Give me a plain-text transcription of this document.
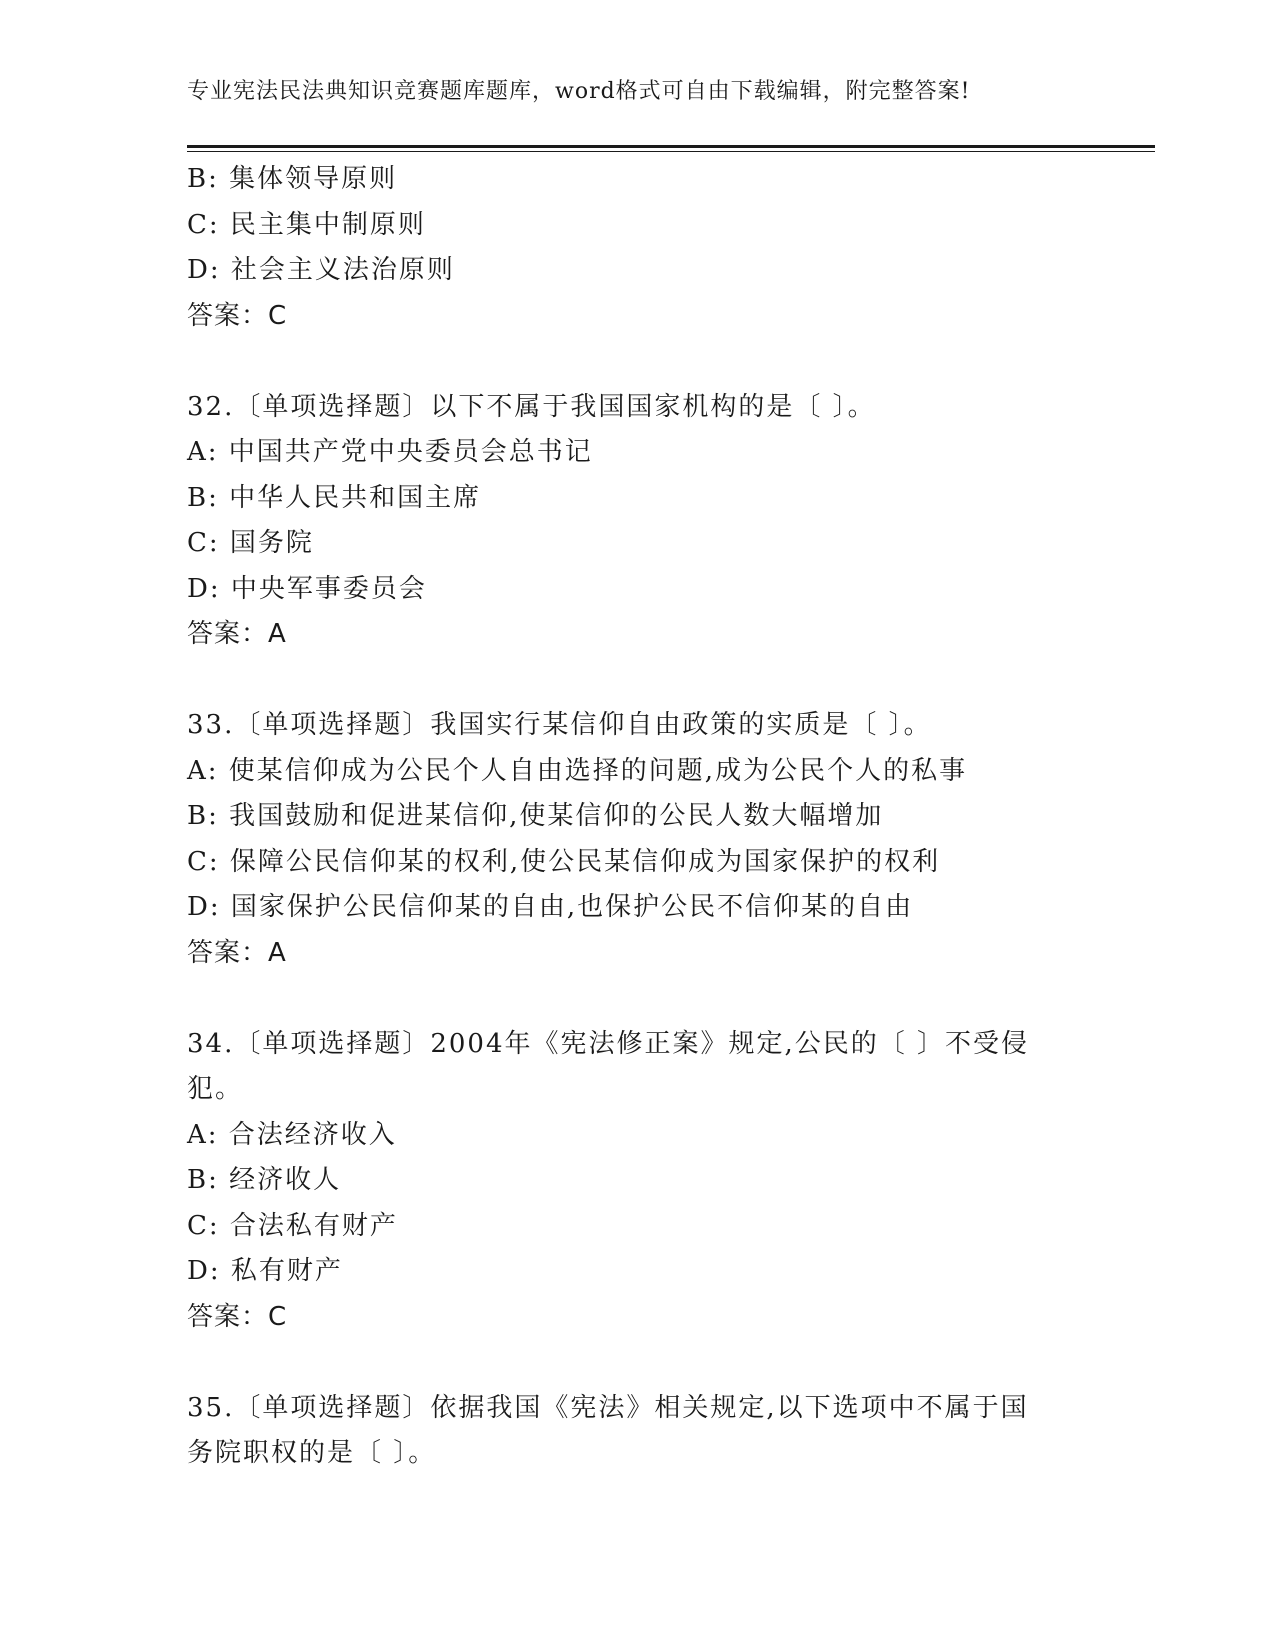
专业宪法民法典知识竞赛题库题库，word格式可自由下载编辑，附完整答案!
B: 集体领导原则
C: 民主集中制原则
D: 社会主义法治原则
答案：C
32.〔单项选择题〕以下不属于我国国家机构的是〔 〕。
A: 中国共产党中央委员会总书记
B: 中华人民共和国主席
C: 国务院
D: 中央军事委员会
答案：A
33.〔单项选择题〕我国实行某信仰自由政策的实质是〔 〕。
A: 使某信仰成为公民个人自由选择的问题,成为公民个人的私事
B: 我国鼓励和促进某信仰,使某信仰的公民人数大幅增加
C: 保障公民信仰某的权利,使公民某信仰成为国家保护的权利
D: 国家保护公民信仰某的自由,也保护公民不信仰某的自由
答案：A
34.〔单项选择题〕2004年《宪法修正案》规定,公民的〔 〕不受侵
犯。
A: 合法经济收入
B: 经济收人
C: 合法私有财产
D: 私有财产
答案：C
35.〔单项选择题〕依据我国《宪法》相关规定,以下选项中不属于国
务院职权的是〔 〕。
